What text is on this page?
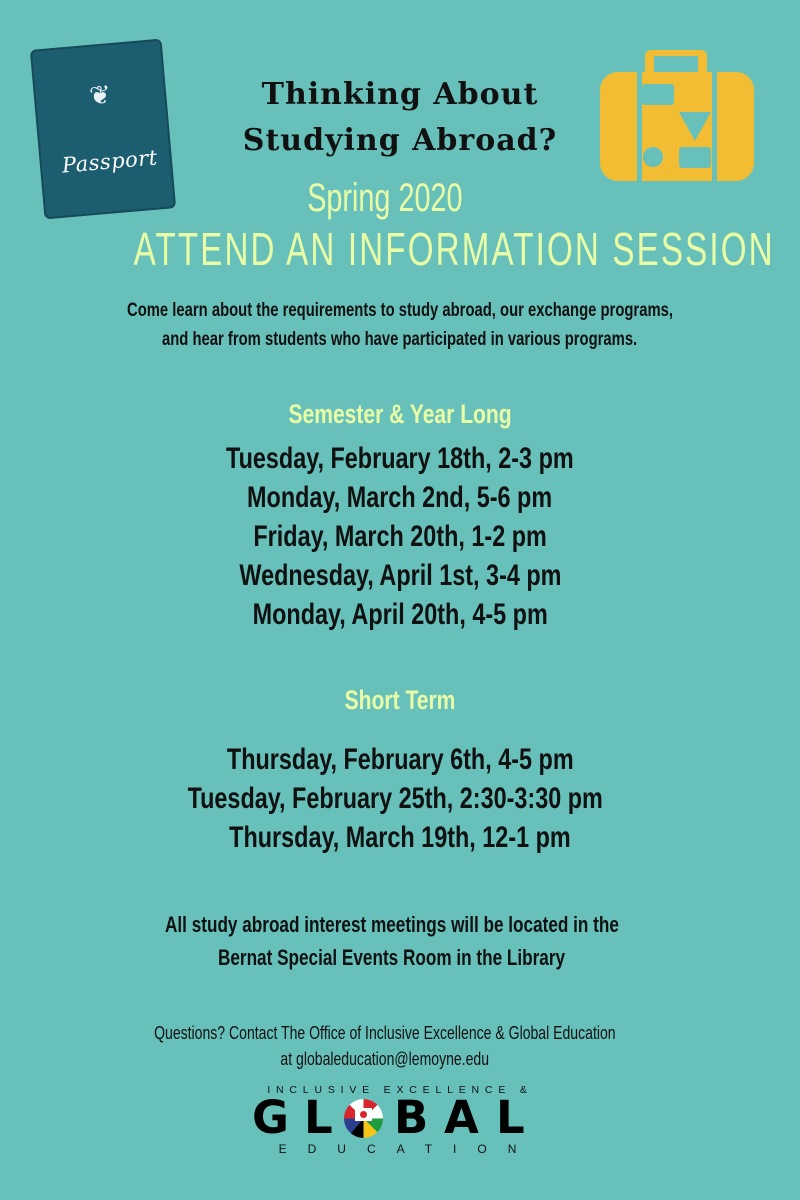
❦
Passport
Thinking About
Studying Abroad?
Spring 2020
ATTEND AN INFORMATION SESSION
Come learn about the requirements to study abroad, our exchange programs,
and hear from students who have participated in various programs.
Semester & Year Long
Tuesday, February 18th, 2-3 pm
Monday, March 2nd, 5-6 pm
Friday, March 20th, 1-2 pm
Wednesday, April 1st, 3-4 pm
Monday, April 20th, 4-5 pm
Short Term
Thursday, February 6th, 4-5 pm
Tuesday, February 25th, 2:30-3:30 pm
Thursday, March 19th, 12-1 pm
All study abroad interest meetings will be located in the
Bernat Special Events Room in the Library
Questions? Contact The Office of Inclusive Excellence & Global Education
at globaleducation@lemoyne.edu
INCLUSIVE EXCELLENCE &
G L B A L
EDUCATION
